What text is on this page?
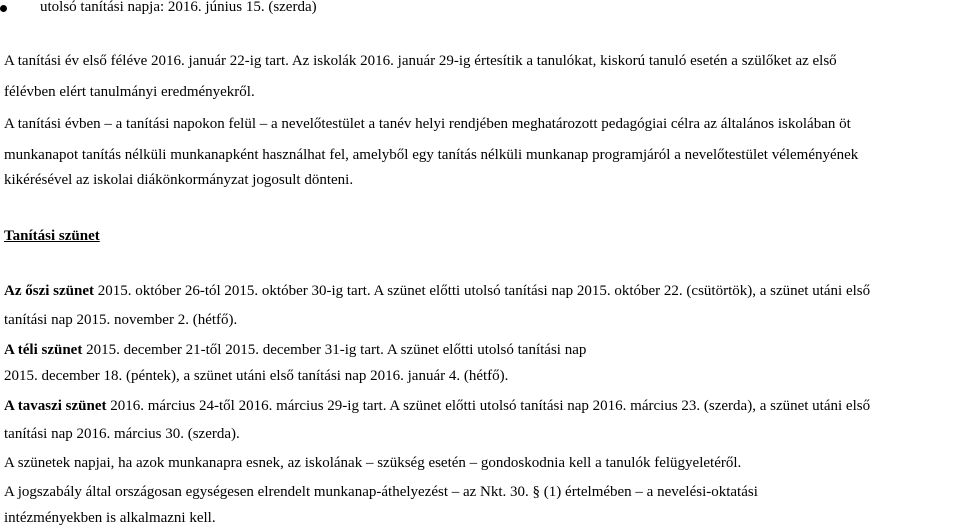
utolsó tanítási napja: 2016. június 15. (szerda)
A tanítási év első féléve 2016. január 22-ig tart. Az iskolák 2016. január 29-ig értesítik a tanulókat, kiskorú tanuló esetén a szülőket az első
félévben elért tanulmányi eredményekről.
A tanítási évben – a tanítási napokon felül – a nevelőtestület a tanév helyi rendjében meghatározott pedagógiai célra az általános iskolában öt
munkanapot tanítás nélküli munkanapként használhat fel, amelyből egy tanítás nélküli munkanap programjáról a nevelőtestület véleményének
kikérésével az iskolai diákönkormányzat jogosult dönteni.
Tanítási szünet
Az őszi szünet 2015. október 26-tól 2015. október 30-ig tart. A szünet előtti utolsó tanítási nap 2015. október 22. (csütörtök), a szünet utáni első
tanítási nap 2015. november 2. (hétfő).
A téli szünet 2015. december 21-től 2015. december 31-ig tart. A szünet előtti utolsó tanítási nap
2015. december 18. (péntek), a szünet utáni első tanítási nap 2016. január 4. (hétfő).
A tavaszi szünet 2016. március 24-től 2016. március 29-ig tart. A szünet előtti utolsó tanítási nap 2016. március 23. (szerda), a szünet utáni első
tanítási nap 2016. március 30. (szerda).
A szünetek napjai, ha azok munkanapra esnek, az iskolának – szükség esetén – gondoskodnia kell a tanulók felügyeletéről.
A jogszabály által országosan egységesen elrendelt munkanap-áthelyezést – az Nkt. 30. § (1) értelmében – a nevelési-oktatási
intézményekben is alkalmazni kell.
